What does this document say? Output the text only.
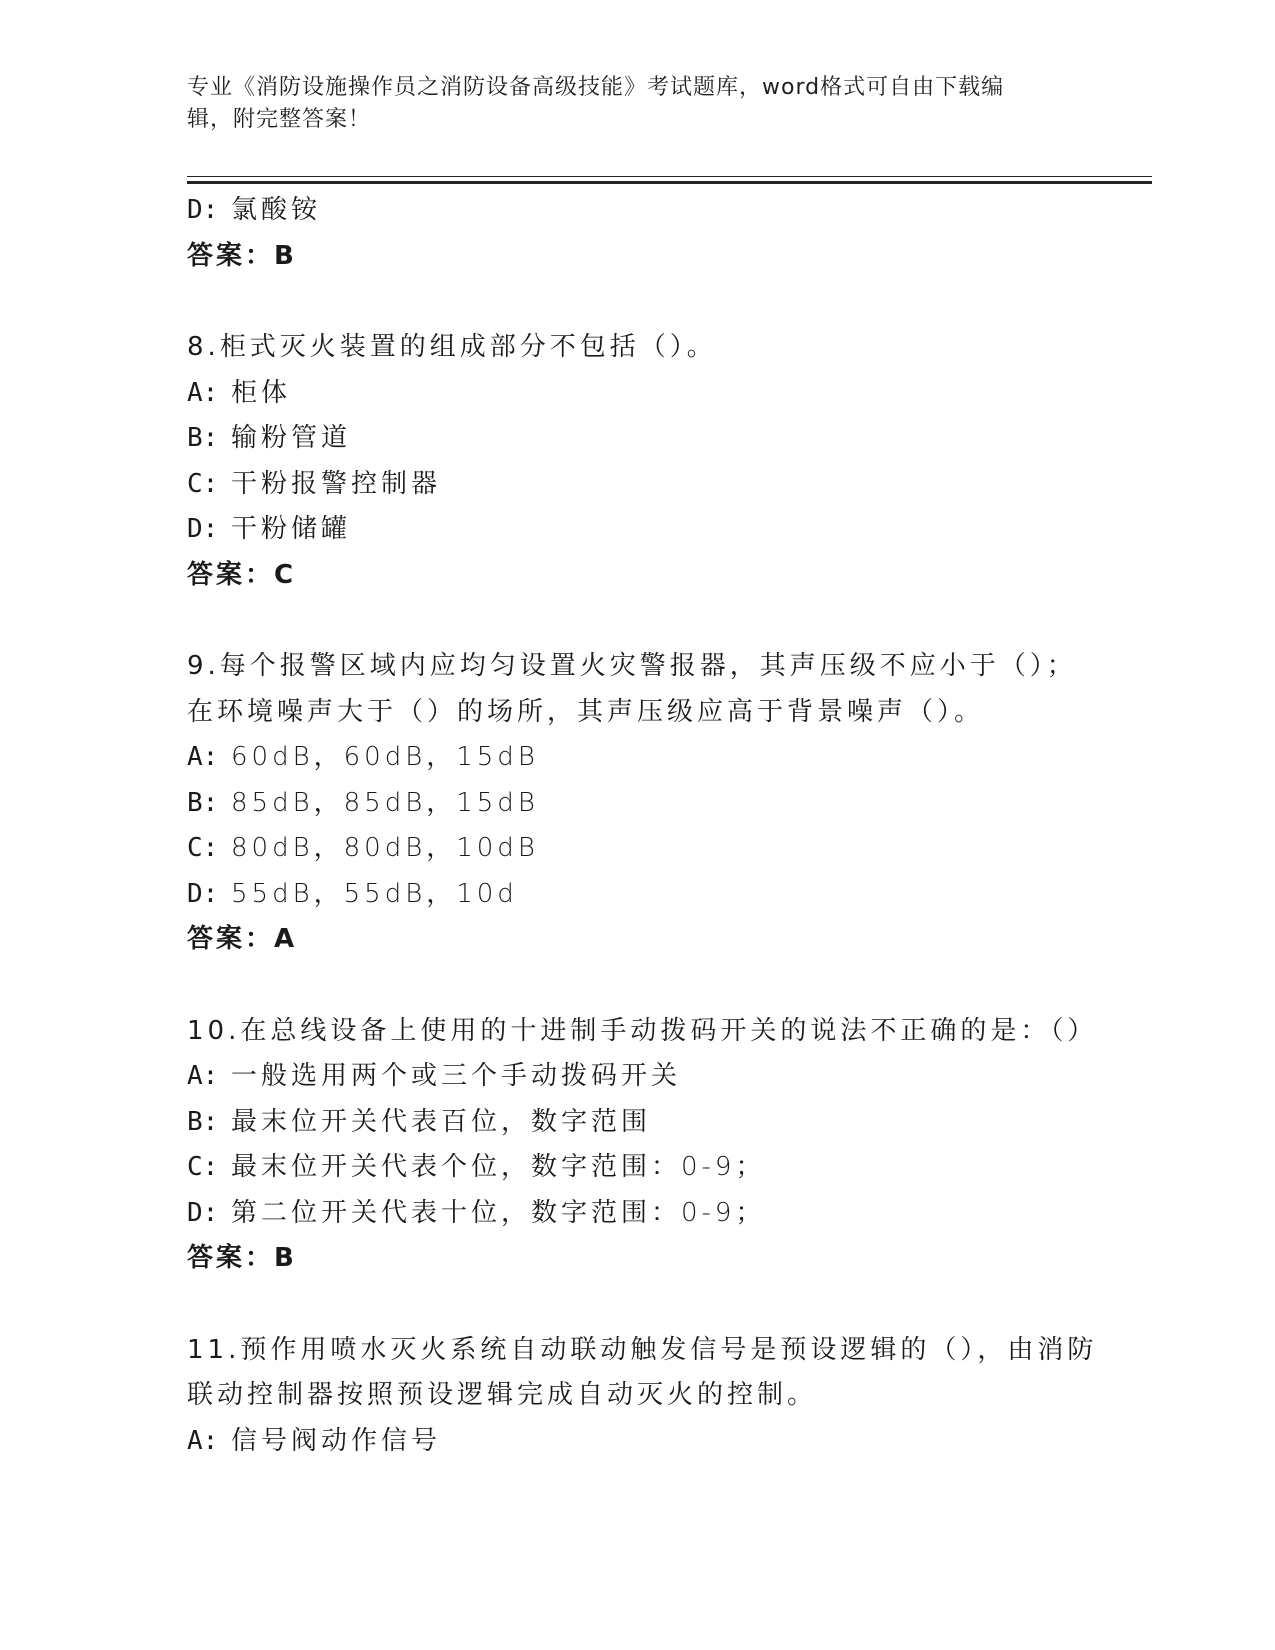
专业《消防设施操作员之消防设备高级技能》考试题库，word格式可自由下载编
辑，附完整答案！
D: 氯酸铵
答案：B
8.柜式灭火装置的组成部分不包括（）。
A: 柜体
B: 输粉管道
C: 干粉报警控制器
D: 干粉储罐
答案：C
9.每个报警区域内应均匀设置火灾警报器，其声压级不应小于（）；
在环境噪声大于（）的场所，其声压级应高于背景噪声（）。
A: 60dB，60dB，15dB
B: 85dB，85dB，15dB
C: 80dB，80dB，10dB
D: 55dB，55dB，10d
答案：A
10.在总线设备上使用的十进制手动拨码开关的说法不正确的是：（）
A: 一般选用两个或三个手动拨码开关
B: 最末位开关代表百位，数字范围
C: 最末位开关代表个位，数字范围：0-9；
D: 第二位开关代表十位，数字范围：0-9；
答案：B
11.预作用喷水灭火系统自动联动触发信号是预设逻辑的（），由消防
联动控制器按照预设逻辑完成自动灭火的控制。
A: 信号阀动作信号
